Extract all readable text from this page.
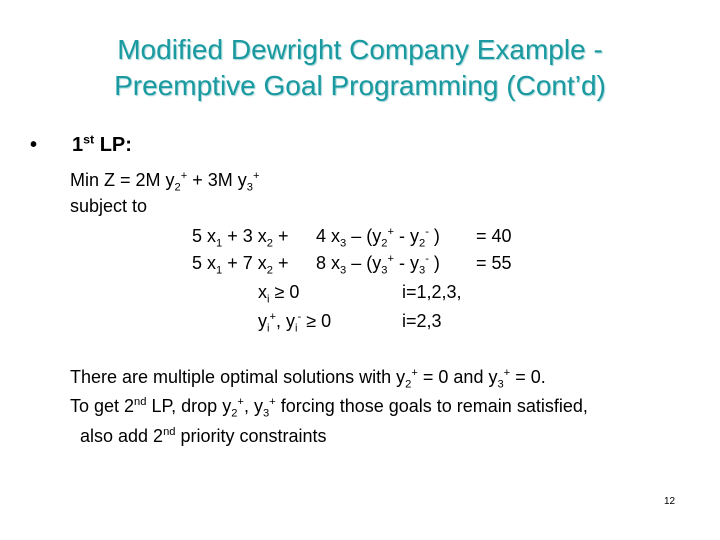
Modified Dewright Company Example -
Preemptive Goal Programming (Cont’d)
• 1st LP:
Min Z = 2M $y_2^+ + 3M$ $y_3^+$
subject to
5 $x_1 + 3$ $x_2 + 4$ $x_3 - (y_2^+ - y_2^-$ ) = 40
5 $x_1 + 7$ $x_2 + 8$ $x_3 - (y_3^+ - y_3^-$ ) = 55
$x_i \ge 0$	i=1,2,3,
$y_i^+$, $y_i^- \ge 0$	i=2,3
There are multiple optimal solutions with $y_2^+ = 0$ and $y_3^+ = 0$.
To get 2nd LP, drop $y_2^+$, $y_3^+$ forcing those goals to remain satisfied,
also add 2nd priority constraints
12
